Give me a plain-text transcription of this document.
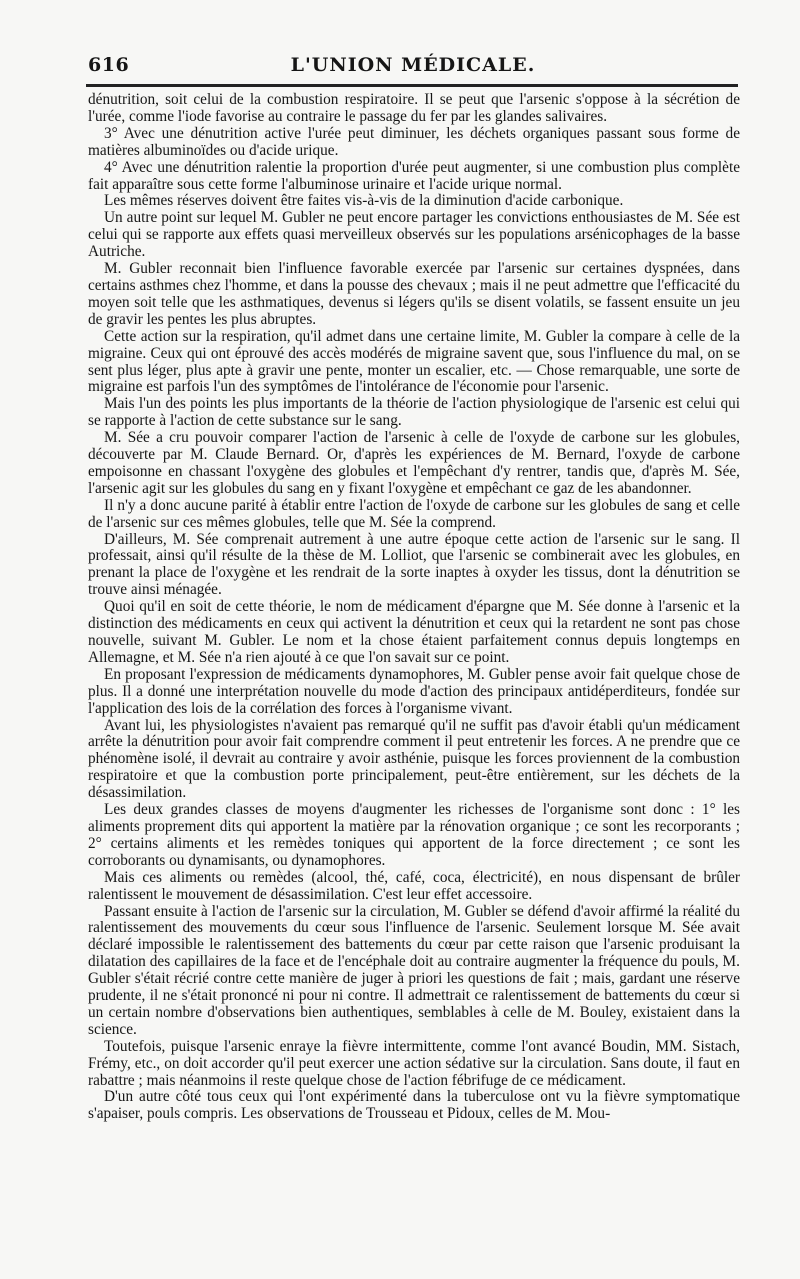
616	L'UNION MÉDICALE.

dénutrition, soit celui de la combustion respiratoire. Il se peut que l'arsenic s'oppose à la sécrétion de l'urée, comme l'iode favorise au contraire le passage du fer par les glandes salivaires.

3° Avec une dénutrition active l'urée peut diminuer, les déchets organiques passant sous forme de matières albuminoïdes ou d'acide urique.

4° Avec une dénutrition ralentie la proportion d'urée peut augmenter, si une combustion plus complète fait apparaître sous cette forme l'albuminose urinaire et l'acide urique normal.

Les mêmes réserves doivent être faites vis-à-vis de la diminution d'acide carbonique.

Un autre point sur lequel M. Gubler ne peut encore partager les convictions enthousiastes de M. Sée est celui qui se rapporte aux effets quasi merveilleux observés sur les populations arsénicophages de la basse Autriche.

M. Gubler reconnait bien l'influence favorable exercée par l'arsenic sur certaines dyspnées, dans certains asthmes chez l'homme, et dans la pousse des chevaux ; mais il ne peut admettre que l'efficacité du moyen soit telle que les asthmatiques, devenus si légers qu'ils se disent volatils, se fassent ensuite un jeu de gravir les pentes les plus abruptes.

Cette action sur la respiration, qu'il admet dans une certaine limite, M. Gubler la compare à celle de la migraine. Ceux qui ont éprouvé des accès modérés de migraine savent que, sous l'influence du mal, on se sent plus léger, plus apte à gravir une pente, monter un escalier, etc. — Chose remarquable, une sorte de migraine est parfois l'un des symptômes de l'intolérance de l'économie pour l'arsenic.

Mais l'un des points les plus importants de la théorie de l'action physiologique de l'arsenic est celui qui se rapporte à l'action de cette substance sur le sang.

M. Sée a cru pouvoir comparer l'action de l'arsenic à celle de l'oxyde de carbone sur les globules, découverte par M. Claude Bernard. Or, d'après les expériences de M. Bernard, l'oxyde de carbone empoisonne en chassant l'oxygène des globules et l'empêchant d'y rentrer, tandis que, d'après M. Sée, l'arsenic agit sur les globules du sang en y fixant l'oxygène et empêchant ce gaz de les abandonner.

Il n'y a donc aucune parité à établir entre l'action de l'oxyde de carbone sur les globules de sang et celle de l'arsenic sur ces mêmes globules, telle que M. Sée la comprend.

D'ailleurs, M. Sée comprenait autrement à une autre époque cette action de l'arsenic sur le sang. Il professait, ainsi qu'il résulte de la thèse de M. Lolliot, que l'arsenic se combinerait avec les globules, en prenant la place de l'oxygène et les rendrait de la sorte inaptes à oxyder les tissus, dont la dénutrition se trouve ainsi ménagée.

Quoi qu'il en soit de cette théorie, le nom de médicament d'épargne que M. Sée donne à l'arsenic et la distinction des médicaments en ceux qui activent la dénutrition et ceux qui la retardent ne sont pas chose nouvelle, suivant M. Gubler. Le nom et la chose étaient parfaitement connus depuis longtemps en Allemagne, et M. Sée n'a rien ajouté à ce que l'on savait sur ce point.

En proposant l'expression de médicaments dynamophores, M. Gubler pense avoir fait quelque chose de plus. Il a donné une interprétation nouvelle du mode d'action des principaux antidéperditeurs, fondée sur l'application des lois de la corrélation des forces à l'organisme vivant.

Avant lui, les physiologistes n'avaient pas remarqué qu'il ne suffit pas d'avoir établi qu'un médicament arrête la dénutrition pour avoir fait comprendre comment il peut entretenir les forces. A ne prendre que ce phénomène isolé, il devrait au contraire y avoir asthénie, puisque les forces proviennent de la combustion respiratoire et que la combustion porte principalement, peut-être entièrement, sur les déchets de la désassimilation.

Les deux grandes classes de moyens d'augmenter les richesses de l'organisme sont donc : 1° les aliments proprement dits qui apportent la matière par la rénovation organique ; ce sont les recorporants ; 2° certains aliments et les remèdes toniques qui apportent de la force directement ; ce sont les corroborants ou dynamisants, ou dynamophores.

Mais ces aliments ou remèdes (alcool, thé, café, coca, électricité), en nous dispensant de brûler ralentissent le mouvement de désassimilation. C'est leur effet accessoire.

Passant ensuite à l'action de l'arsenic sur la circulation, M. Gubler se défend d'avoir affirmé la réalité du ralentissement des mouvements du cœur sous l'influence de l'arsenic. Seulement lorsque M. Sée avait déclaré impossible le ralentissement des battements du cœur par cette raison que l'arsenic produisant la dilatation des capillaires de la face et de l'encéphale doit au contraire augmenter la fréquence du pouls, M. Gubler s'était récrié contre cette manière de juger à priori les questions de fait ; mais, gardant une réserve prudente, il ne s'était prononcé ni pour ni contre. Il admettrait ce ralentissement de battements du cœur si un certain nombre d'observations bien authentiques, semblables à celle de M. Bouley, existaient dans la science.

Toutefois, puisque l'arsenic enraye la fièvre intermittente, comme l'ont avancé Boudin, MM. Sistach, Frémy, etc., on doit accorder qu'il peut exercer une action sédative sur la circulation. Sans doute, il faut en rabattre ; mais néanmoins il reste quelque chose de l'action fébrifuge de ce médicament.

D'un autre côté tous ceux qui l'ont expérimenté dans la tuberculose ont vu la fièvre symptomatique s'apaiser, pouls compris. Les observations de Trousseau et Pidoux, celles de M. Mou-
